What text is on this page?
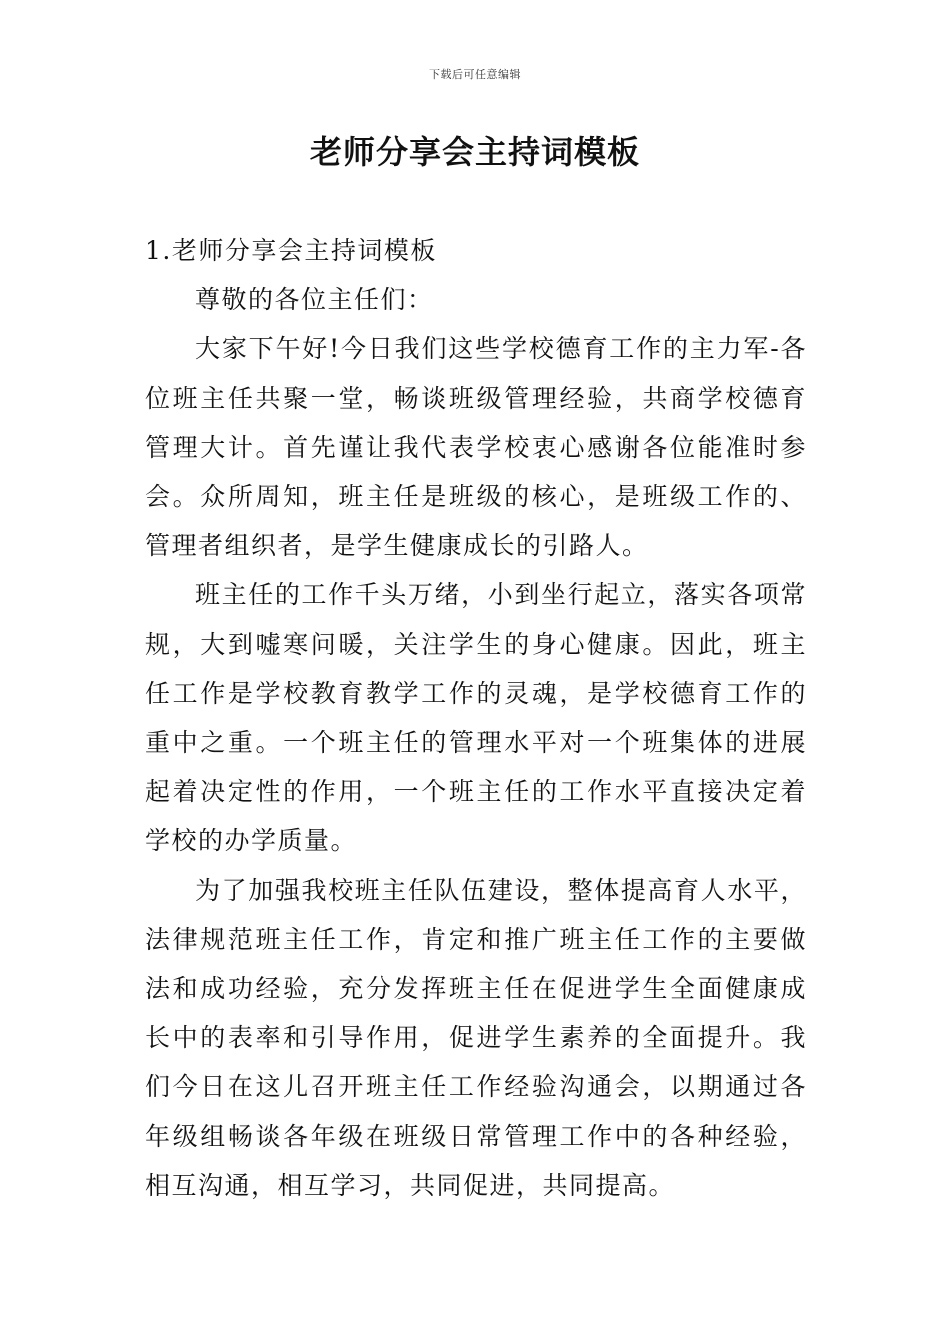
下载后可任意编辑
老师分享会主持词模板

1.老师分享会主持词模板

尊敬的各位主任们：

大家下午好!今日我们这些学校德育工作的主力军-各位班主任共聚一堂，畅谈班级管理经验，共商学校德育管理大计。首先谨让我代表学校衷心感谢各位能准时参会。众所周知，班主任是班级的核心，是班级工作的、管理者组织者，是学生健康成长的引路人。

班主任的工作千头万绪，小到坐行起立，落实各项常规，大到嘘寒问暖，关注学生的身心健康。因此，班主任工作是学校教育教学工作的灵魂，是学校德育工作的重中之重。一个班主任的管理水平对一个班集体的进展起着决定性的作用，一个班主任的工作水平直接决定着学校的办学质量。

为了加强我校班主任队伍建设，整体提高育人水平，法律规范班主任工作，肯定和推广班主任工作的主要做法和成功经验，充分发挥班主任在促进学生全面健康成长中的表率和引导作用，促进学生素养的全面提升。我们今日在这儿召开班主任工作经验沟通会，以期通过各年级组畅谈各年级在班级日常管理工作中的各种经验，相互沟通，相互学习，共同促进，共同提高。
